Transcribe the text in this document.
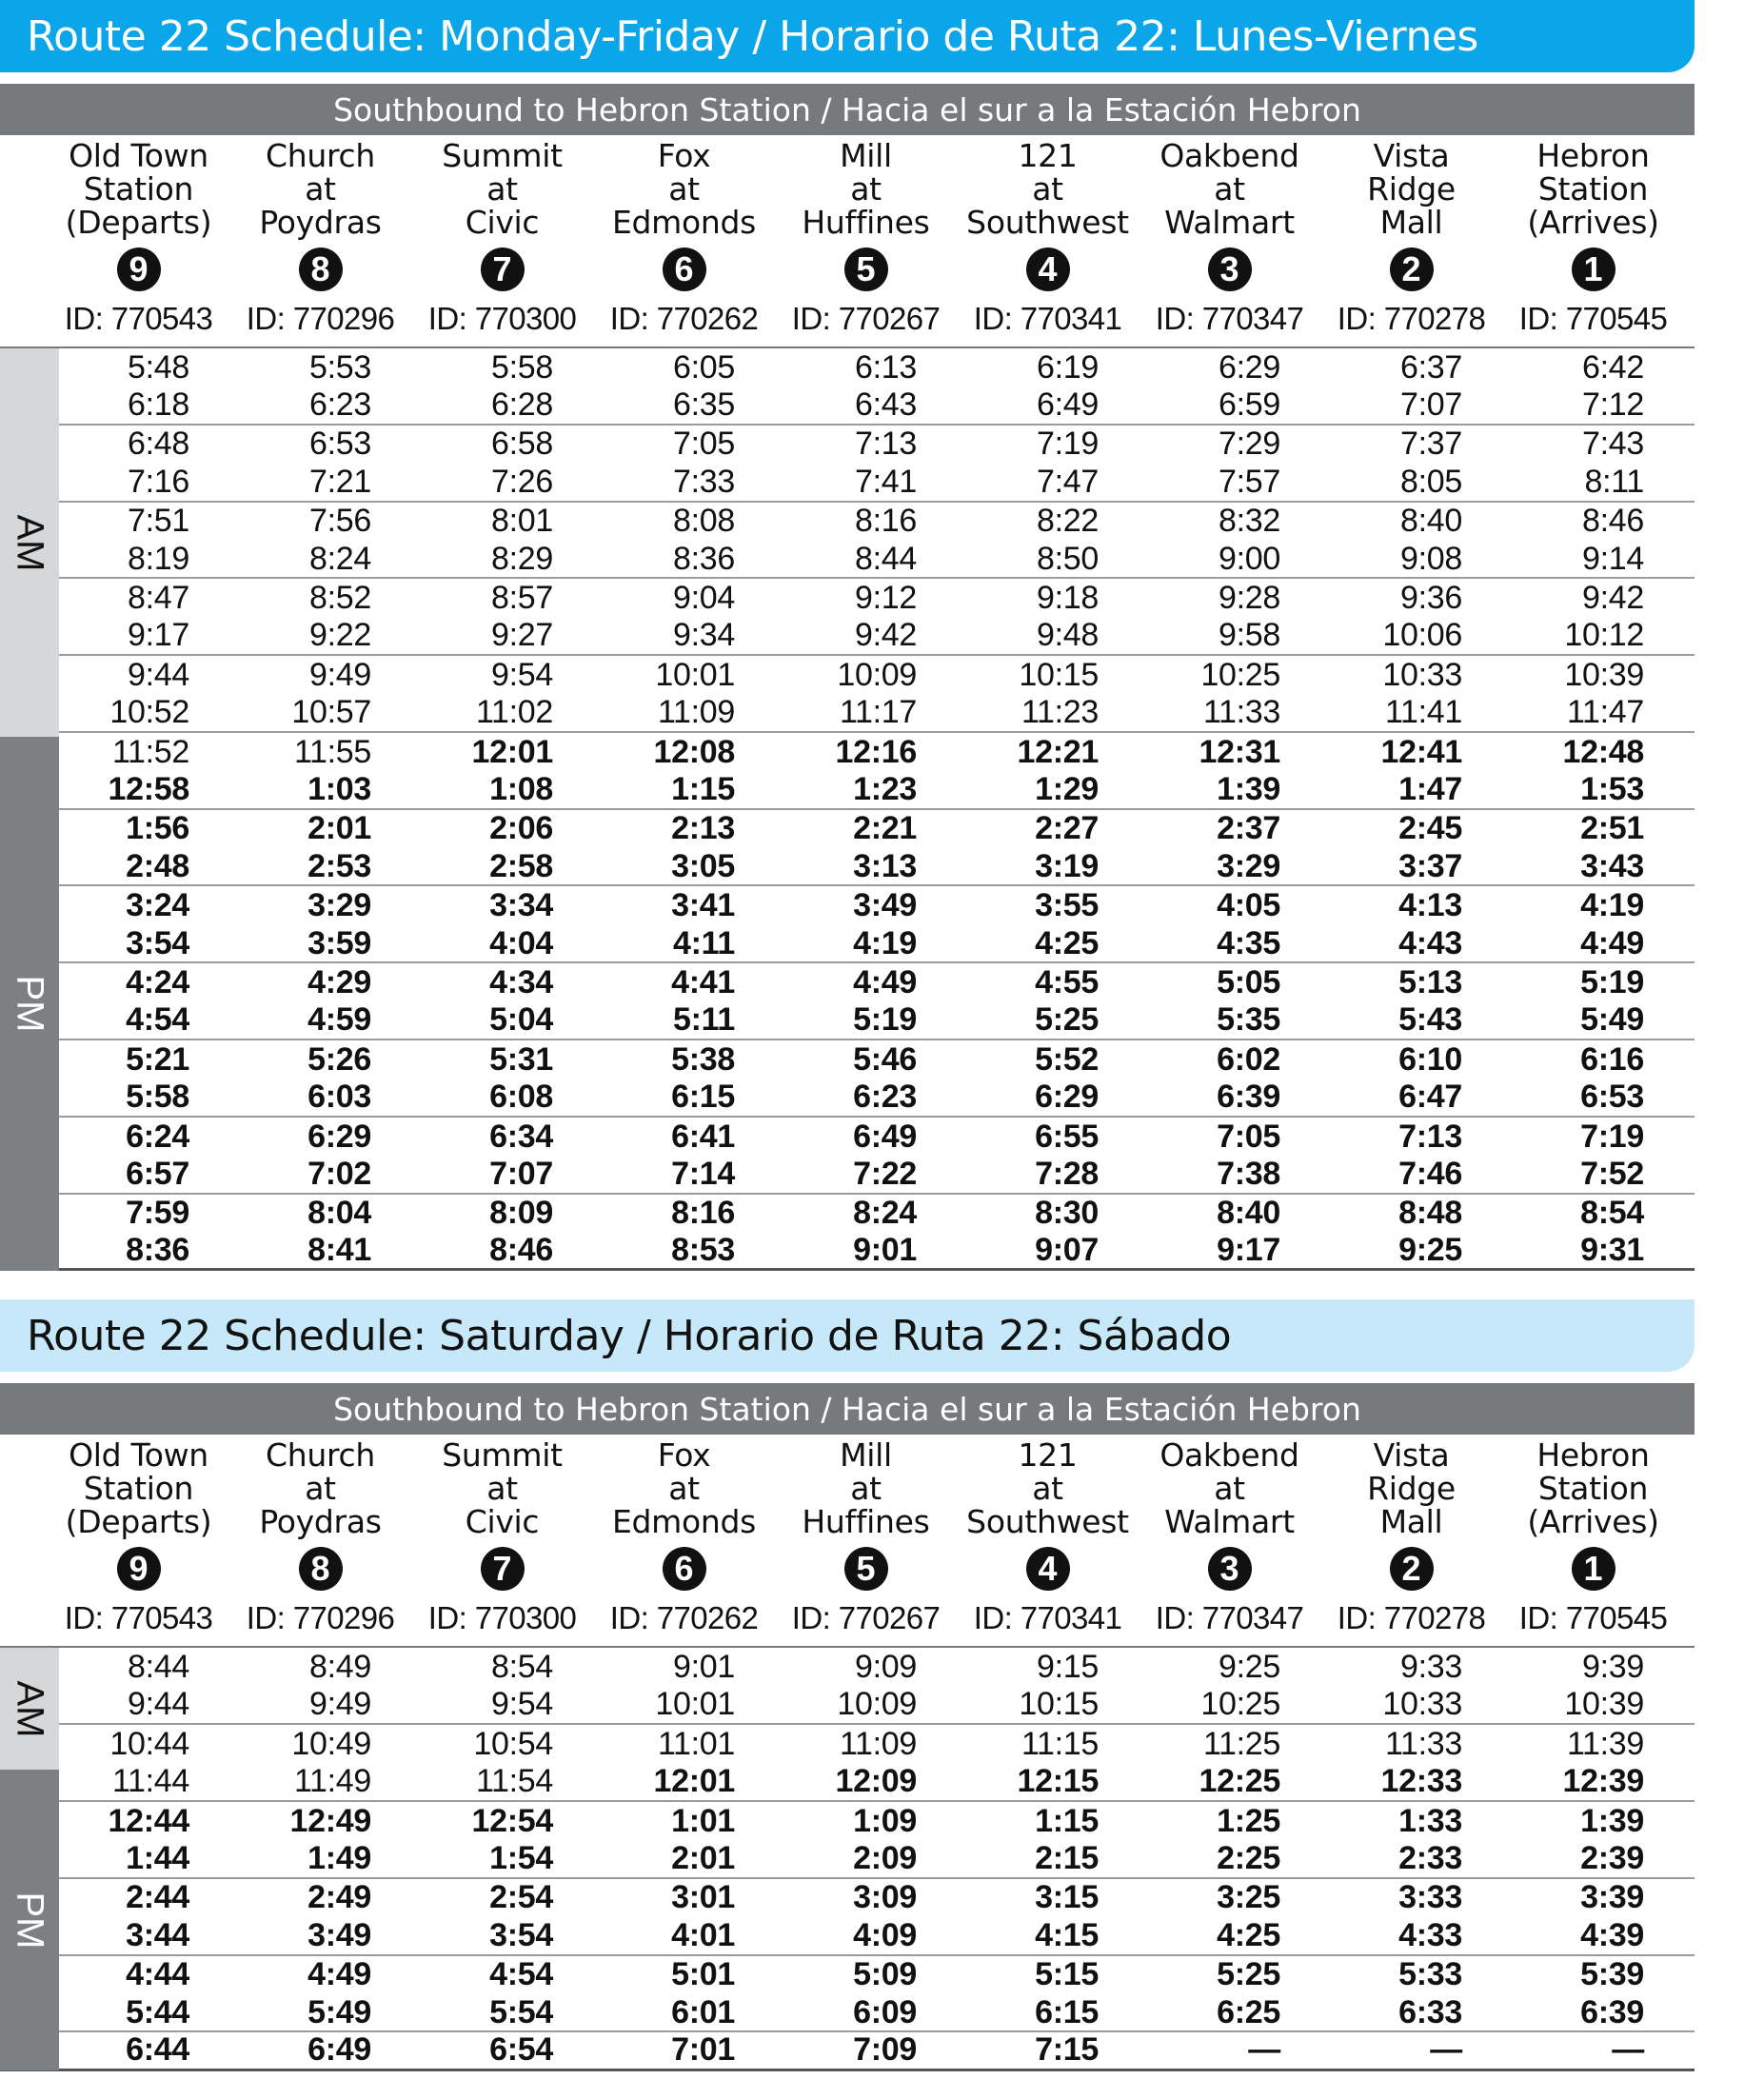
Route 22 Schedule: Monday-Friday / Horario de Ruta 22: Lunes-Viernes
Southbound to Hebron Station / Hacia el sur a la Estación Hebron
Old Town
Station
(Departs)
9
ID: 770543
Church
at
Poydras
8
ID: 770296
Summit
at
Civic
7
ID: 770300
Fox
at
Edmonds
6
ID: 770262
Mill
at
Huffines
5
ID: 770267
121
at
Southwest
4
ID: 770341
Oakbend
at
Walmart
3
ID: 770347
Vista
Ridge
Mall
2
ID: 770278
Hebron
Station
(Arrives)
1
ID: 770545
AM
PM
5:48	5:53	5:58	6:05	6:13	6:19	6:29	6:37	6:42
6:18	6:23	6:28	6:35	6:43	6:49	6:59	7:07	7:12
6:48	6:53	6:58	7:05	7:13	7:19	7:29	7:37	7:43
7:16	7:21	7:26	7:33	7:41	7:47	7:57	8:05	8:11
7:51	7:56	8:01	8:08	8:16	8:22	8:32	8:40	8:46
8:19	8:24	8:29	8:36	8:44	8:50	9:00	9:08	9:14
8:47	8:52	8:57	9:04	9:12	9:18	9:28	9:36	9:42
9:17	9:22	9:27	9:34	9:42	9:48	9:58	10:06	10:12
9:44	9:49	9:54	10:01	10:09	10:15	10:25	10:33	10:39
10:52	10:57	11:02	11:09	11:17	11:23	11:33	11:41	11:47
11:52	11:55	12:01	12:08	12:16	12:21	12:31	12:41	12:48
12:58	1:03	1:08	1:15	1:23	1:29	1:39	1:47	1:53
1:56	2:01	2:06	2:13	2:21	2:27	2:37	2:45	2:51
2:48	2:53	2:58	3:05	3:13	3:19	3:29	3:37	3:43
3:24	3:29	3:34	3:41	3:49	3:55	4:05	4:13	4:19
3:54	3:59	4:04	4:11	4:19	4:25	4:35	4:43	4:49
4:24	4:29	4:34	4:41	4:49	4:55	5:05	5:13	5:19
4:54	4:59	5:04	5:11	5:19	5:25	5:35	5:43	5:49
5:21	5:26	5:31	5:38	5:46	5:52	6:02	6:10	6:16
5:58	6:03	6:08	6:15	6:23	6:29	6:39	6:47	6:53
6:24	6:29	6:34	6:41	6:49	6:55	7:05	7:13	7:19
6:57	7:02	7:07	7:14	7:22	7:28	7:38	7:46	7:52
7:59	8:04	8:09	8:16	8:24	8:30	8:40	8:48	8:54
8:36	8:41	8:46	8:53	9:01	9:07	9:17	9:25	9:31
Route 22 Schedule: Saturday / Horario de Ruta 22: Sábado
Southbound to Hebron Station / Hacia el sur a la Estación Hebron
Old Town
Station
(Departs)
9
ID: 770543
Church
at
Poydras
8
ID: 770296
Summit
at
Civic
7
ID: 770300
Fox
at
Edmonds
6
ID: 770262
Mill
at
Huffines
5
ID: 770267
121
at
Southwest
4
ID: 770341
Oakbend
at
Walmart
3
ID: 770347
Vista
Ridge
Mall
2
ID: 770278
Hebron
Station
(Arrives)
1
ID: 770545
AM
PM
8:44	8:49	8:54	9:01	9:09	9:15	9:25	9:33	9:39
9:44	9:49	9:54	10:01	10:09	10:15	10:25	10:33	10:39
10:44	10:49	10:54	11:01	11:09	11:15	11:25	11:33	11:39
11:44	11:49	11:54	12:01	12:09	12:15	12:25	12:33	12:39
12:44	12:49	12:54	1:01	1:09	1:15	1:25	1:33	1:39
1:44	1:49	1:54	2:01	2:09	2:15	2:25	2:33	2:39
2:44	2:49	2:54	3:01	3:09	3:15	3:25	3:33	3:39
3:44	3:49	3:54	4:01	4:09	4:15	4:25	4:33	4:39
4:44	4:49	4:54	5:01	5:09	5:15	5:25	5:33	5:39
5:44	5:49	5:54	6:01	6:09	6:15	6:25	6:33	6:39
6:44	6:49	6:54	7:01	7:09	7:15	—	—	—
